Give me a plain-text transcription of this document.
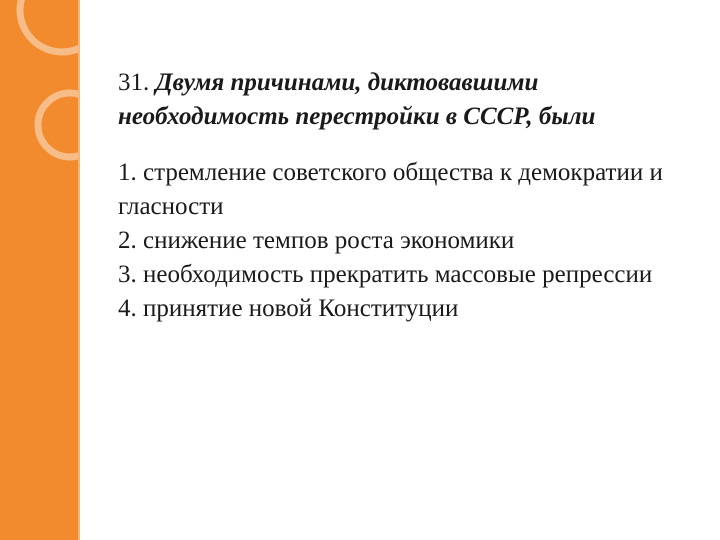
31. Двумя причинами, диктовавшими необходимость перестройки в СССР, были

1. стремление советского общества к демократии и гласности
2. снижение темпов роста экономики
3. необходимость прекратить массовые репрессии
4. принятие новой Конституции
